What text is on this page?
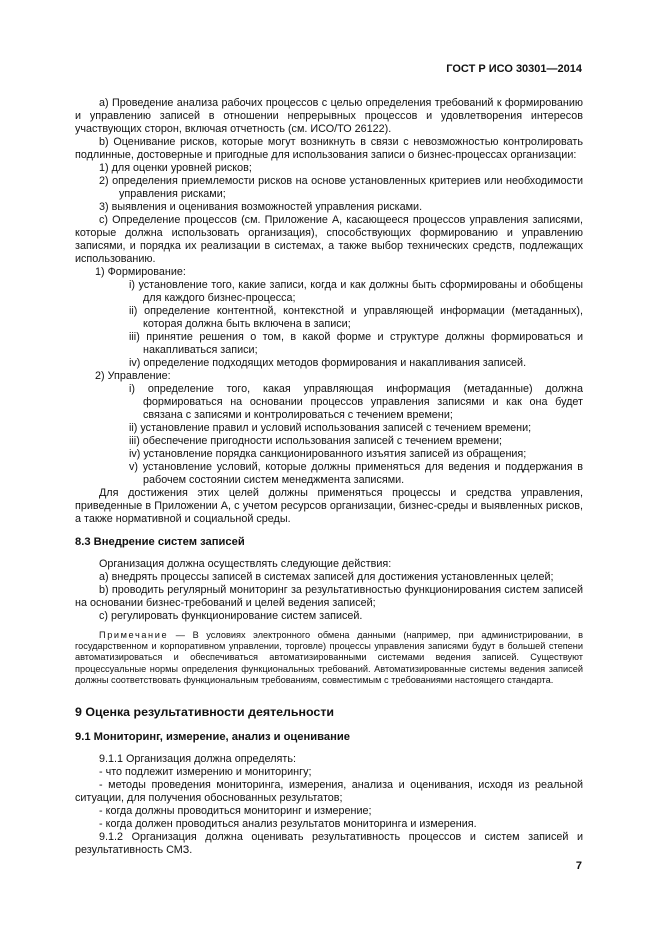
ГОСТ Р ИСО 30301—2014

а) Проведение анализа рабочих процессов с целью определения требований к формированию и управлению записей в отношении непрерывных процессов и удовлетворения интересов участвующих сторон, включая отчетность (см. ИСО/ТО 26122).

b) Оценивание рисков, которые могут возникнуть в связи с невозможностью контролировать подлинные, достоверные и пригодные для использования записи о бизнес-процессах организации:

1) для оценки уровней рисков;

2) определения приемлемости рисков на основе установленных критериев или необходимости управления рисками;

3) выявления и оценивания возможностей управления рисками.

с) Определение процессов (см. Приложение А, касающееся процессов управления записями, которые должна использовать организация), способствующих формированию и управлению записями, и порядка их реализации в системах, а также выбор технических средств, подлежащих использованию.

1) Формирование:

i) установление того, какие записи, когда и как должны быть сформированы и обобщены для каждого бизнес-процесса;

ii) определение контентной, контекстной и управляющей информации (метаданных), которая должна быть включена в записи;

iii) принятие решения о том, в какой форме и структуре должны формироваться и накапливаться записи;

iv) определение подходящих методов формирования и накапливания записей.

2) Управление:

i) определение того, какая управляющая информация (метаданные) должна формироваться на основании процессов управления записями и как она будет связана с записями и контролироваться с течением времени;

ii) установление правил и условий использования записей с течением времени;

iii) обеспечение пригодности использования записей с течением времени;

iv) установление порядка санкционированного изъятия записей из обращения;

v) установление условий, которые должны применяться для ведения и поддержания в рабочем состоянии систем менеджмента записями.

Для достижения этих целей должны применяться процессы и средства управления, приведенные в Приложении А, с учетом ресурсов организации, бизнес-среды и выявленных рисков, а также нормативной и социальной среды.

8.3 Внедрение систем записей

Организация должна осуществлять следующие действия:

а) внедрять процессы записей в системах записей для достижения установленных целей;

b) проводить регулярный мониторинг за результативностью функционирования систем записей на основании бизнес-требований и целей ведения записей;

с) регулировать функционирование систем записей.

Примечание — В условиях электронного обмена данными (например, при администрировании, в государственном и корпоративном управлении, торговле) процессы управления записями будут в большей степени автоматизироваться и обеспечиваться автоматизированными системами ведения записей. Существуют процессуальные нормы определения функциональных требований. Автоматизированные системы ведения записей должны соответствовать функциональным требованиям, совместимым с требованиями настоящего стандарта.

9 Оценка результативности деятельности
9.1 Мониторинг, измерение, анализ и оценивание

9.1.1 Организация должна определять:

- что подлежит измерению и мониторингу;

- методы проведения мониторинга, измерения, анализа и оценивания, исходя из реальной ситуации, для получения обоснованных результатов;

- когда должны проводиться мониторинг и измерение;

- когда должен проводиться анализ результатов мониторинга и измерения.

9.1.2 Организация должна оценивать результативность процессов и систем записей и результативность СМЗ.

7
